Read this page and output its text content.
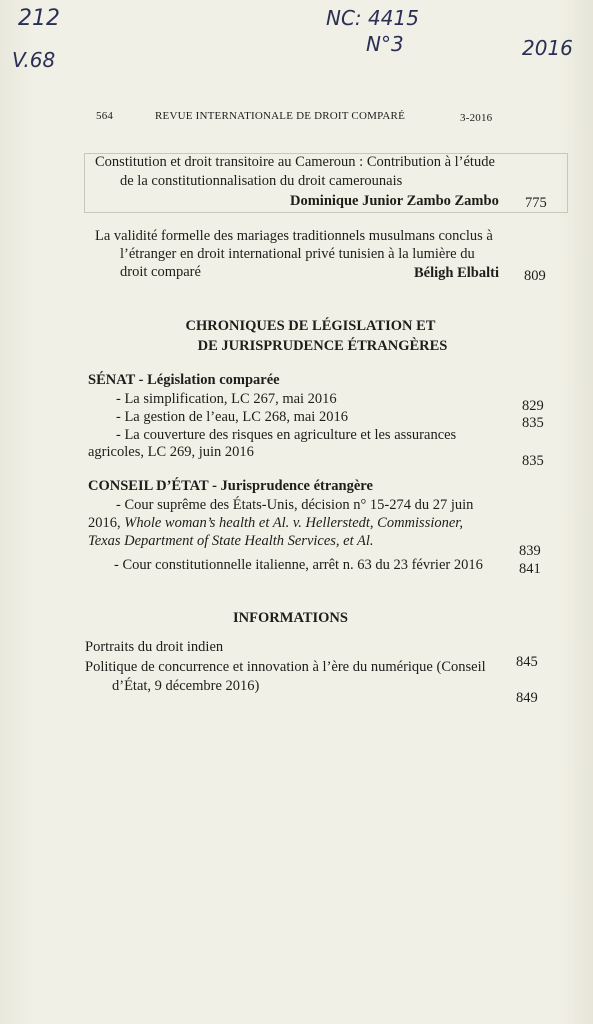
212
V.68
NC: 4415
N°3	2016
564	REVUE INTERNATIONALE DE DROIT COMPARÉ	3-2016
Constitution et droit transitoire au Cameroun : Contribution à l’étude
de la constitutionnalisation du droit camerounais
Dominique Junior Zambo Zambo 775
La validité formelle des mariages traditionnels musulmans conclus à
l’étranger en droit international privé tunisien à la lumière du
droit comparé	Béligh Elbalti 809
CHRONIQUES DE LÉGISLATION ET
DE JURISPRUDENCE ÉTRANGÈRES
SÉNAT - Législation comparée
- La simplification, LC 267, mai 2016	829
- La gestion de l’eau, LC 268, mai 2016	835
- La couverture des risques en agriculture et les assurances
agricoles, LC 269, juin 2016
835
CONSEIL D’ÉTAT - Jurisprudence étrangère
- Cour suprême des États-Unis, décision n° 15-274 du 27 juin
2016, Whole woman’s health et Al. v. Hellerstedt, Commissioner,
Texas Department of State Health Services, et Al.
839
- Cour constitutionnelle italienne, arrêt n. 63 du 23 février 2016 841
INFORMATIONS
Portraits du droit indien
845
Politique de concurrence et innovation à l’ère du numérique (Conseil
d’État, 9 décembre 2016)
849
